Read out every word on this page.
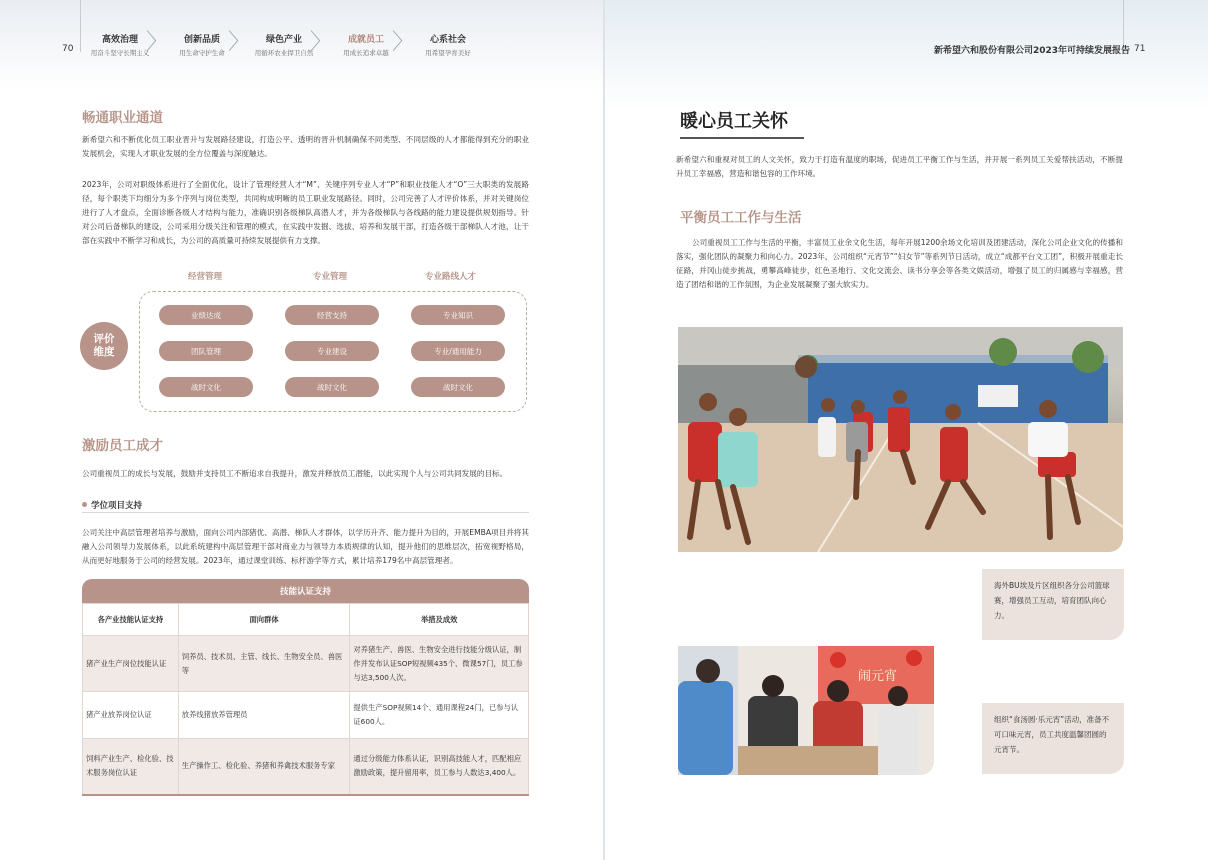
70
高效治理
用奋斗坚守长期主义
〉	创新品质
用生命守护生命 〉	绿色产业
用循环农业捍卫自然
〉	成就员工
用成长追求卓越 〉	心系社会
用希望孕育美好
畅通职业通道
新希望六和不断优化员工职业晋升与发展路径建设，打造公平、透明的晋升机制确保不同类型、不同层级的人才都能得到充分的职业发展机会，实现人才职业发展的全方位覆盖与深度触达。
2023年，公司对职级体系进行了全面优化，设计了管理经营人才“M”、关键序列专业人才“P”和职业技能人才“O”三大职类的发展路径，每个职类下均细分为多个序列与岗位类型，共同构成明晰的员工职业发展路径。同时，公司完善了人才评价体系，并对关键岗位进行了人才盘点，全面诊断各级人才结构与能力，准确识别各级梯队高潜人才，并为各级梯队与各线路的能力建设提供规划指导。针对公司后备梯队的建设，公司采用分级关注和管理的模式，在实践中发掘、选拔、培养和发展干部，打造各级干部梯队人才池，让干部在实践中不断学习和成长，为公司的高质量可持续发展提供有力支撑。
经营管理	专业管理	专业路线人才
评价
维度
业绩达成	经营支持	专业知识
团队管理	专业建设	专业/通用能力
战时文化	战时文化	战时文化
激励员工成才
公司重视员工的成长与发展，鼓励并支持员工不断追求自我提升，激发并释放员工潜能，以此实现个人与公司共同发展的目标。
学位项目支持
公司关注中高层管理者培养与激励，面向公司内部猪优、高潜、梯队人才群体，以学历升齐、能力提升为目的，开展EMBA项目并将其融入公司领导力发展体系，以此系统建构中高层管理干部对商业力与领导力本质规律的认知，提升他们的思维层次，拓宽视野格局，从而更好地服务于公司的经营发展。2023年，通过课堂训练、标杆游学等方式，累计培养179名中高层管理者。
技能认证支持
各产业技能认证支持	面向群体	举措及成效
猪产业生产岗位技能认证	饲养员、技术员、主管、线长、生物安全员、兽医等	对养猪生产、兽医、生物安全进行技能分级认证，制作并发布认证SOP短视频435个、微课57门，员工参与达3,500人次。
猪产业放养岗位认证	放养线猪放养管理员	提供生产SOP视频14个、通用课程24门，已参与认证600人。
饲料产业生产、检化验、技术服务岗位认证	生产操作工、检化验、养猪和养禽技术服务专家	通过分级能力体系认证，识别高技能人才，匹配相应激励政策，提升留用率，员工参与人数达3,400人。
新希望六和股份有限公司2023年可持续发展报告 71
暖心员工关怀
新希望六和重视对员工的人文关怀，致力于打造有温度的职场，促进员工平衡工作与生活，并开展一系列员工关爱帮扶活动，不断提升员工幸福感，营造和谐包容的工作环境。
平衡员工工作与生活
公司重视员工工作与生活的平衡，丰富员工业余文化生活，每年开展1200余场文化培训及团建活动，深化公司企业文化的传播和落实，强化团队的凝聚力和向心力。2023年，公司组织“元宵节”“妇女节”等系列节日活动，成立“成都平台文工团”，积极开展重走长征路，并冈山徒步挑战，勇攀高峰徒步，红色圣地行、文化交流会、读书分享会等各类文娱活动，增强了员工的归属感与幸福感，营造了团结和谐的工作氛围，为企业发展凝聚了强大软实力。
海外BU埃及片区组织各分公司篮球赛，增强员工互动，培育团队向心力。
闹元宵
组织“食汤圆·乐元宵”活动，准备不可口味元宵，员工共度温馨团圆的元宵节。
